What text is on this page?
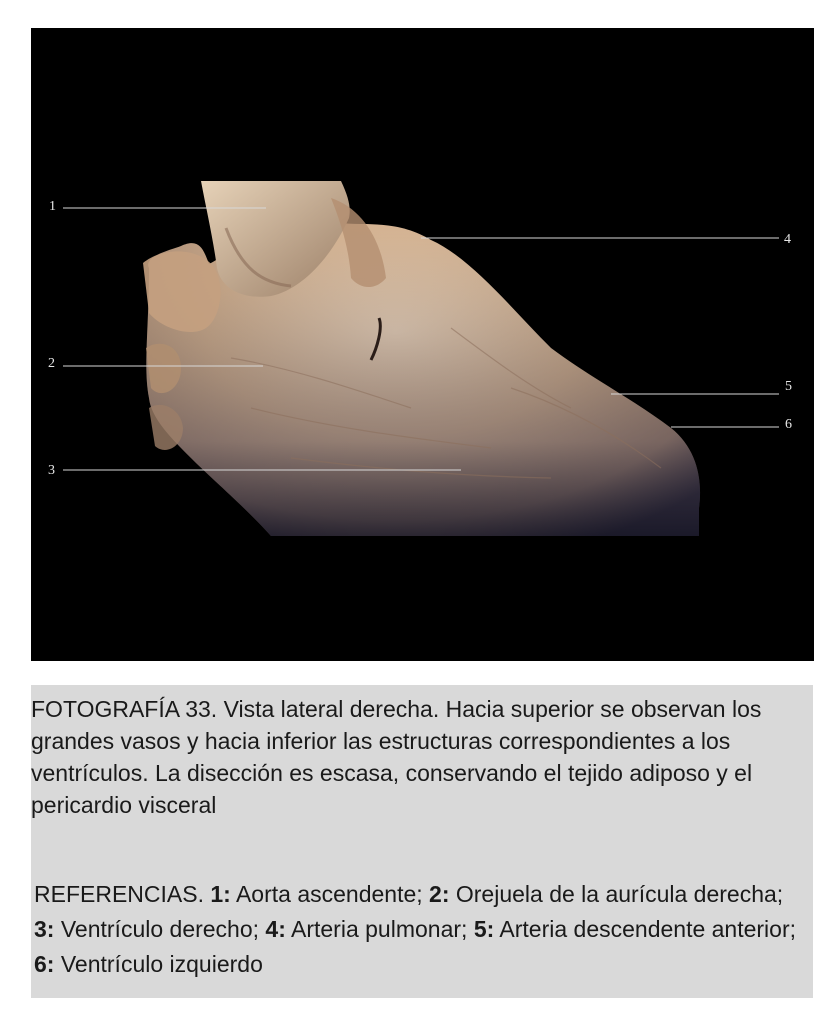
1
2
3
4
5
6

FOTOGRAFÍA 33. Vista lateral derecha. Hacia superior se observan los grandes vasos y hacia inferior las estructuras correspondientes a los ventrículos. La disección es escasa, conservando el tejido adiposo y el pericardio visceral

REFERENCIAS. 1: Aorta ascendente; 2: Orejuela de la aurícula derecha; 3: Ventrículo derecho; 4: Arteria pulmonar; 5: Arteria descendente anterior; 6: Ventrículo izquierdo
